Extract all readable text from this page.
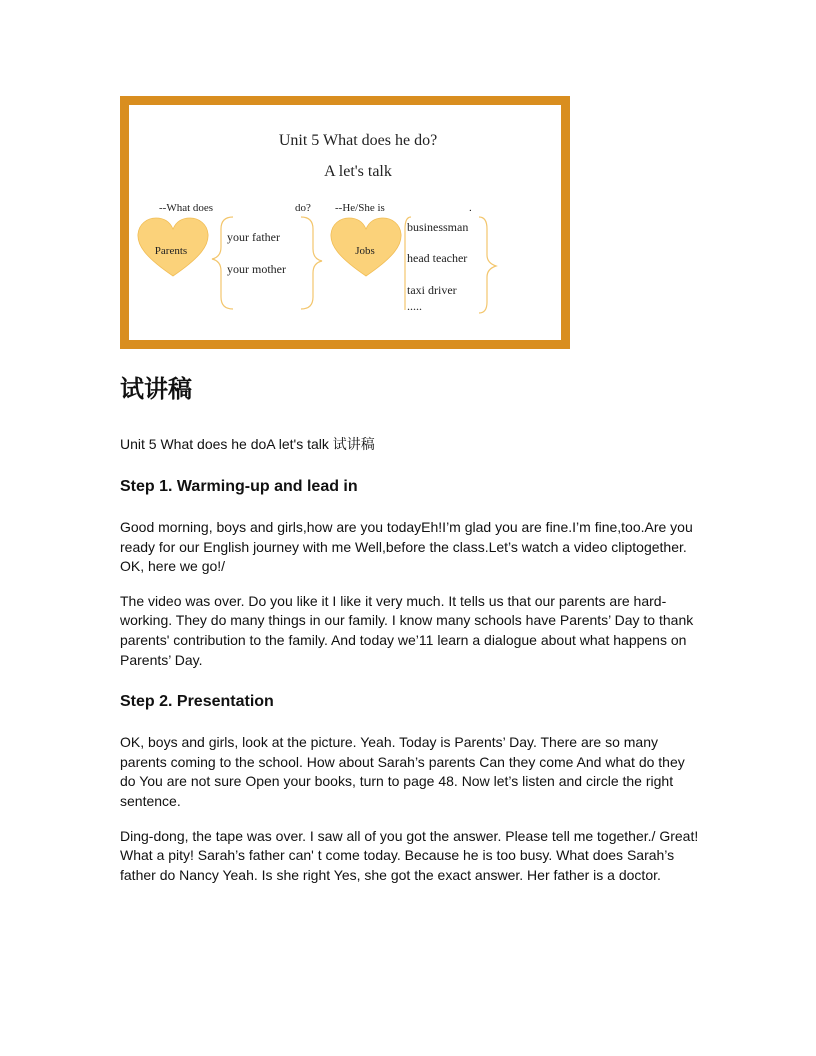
Unit 5 What does he do?
A let's talk
--What does	do? --He/She is	.
Parents
your father
your mother
Jobs
businessman
head teacher
taxi driver
.....
试讲稿
Unit 5 What does he doA let's talk 试讲稿
Step 1. Warming-up and lead in

Good morning, boys and girls,how are you todayEh!I’m glad you are fine.I’m fine,too.Are you ready for our English journey with me Well,before the class.Let’s watch a video cliptogether. OK, here we go!/

The video was over. Do you like it I like it very much. It tells us that our parents are hard-working. They do many things in our family. I know many schools have Parents’ Day to thank parents' contribution to the family. And today we’11 learn a dialogue about what happens on Parents’ Day.

Step 2. Presentation

OK, boys and girls, look at the picture. Yeah. Today is Parents’ Day. There are so many parents coming to the school. How about Sarah’s parents Can they come And what do they do You are not sure Open your books, turn to page 48. Now let’s listen and circle the right sentence.

Ding-dong, the tape was over. I saw all of you got the answer. Please tell me together./ Great! What a pity! Sarah’s father can' t come today. Because he is too busy. What does Sarah’s father do Nancy Yeah. Is she right Yes, she got the exact answer. Her father is a doctor.
